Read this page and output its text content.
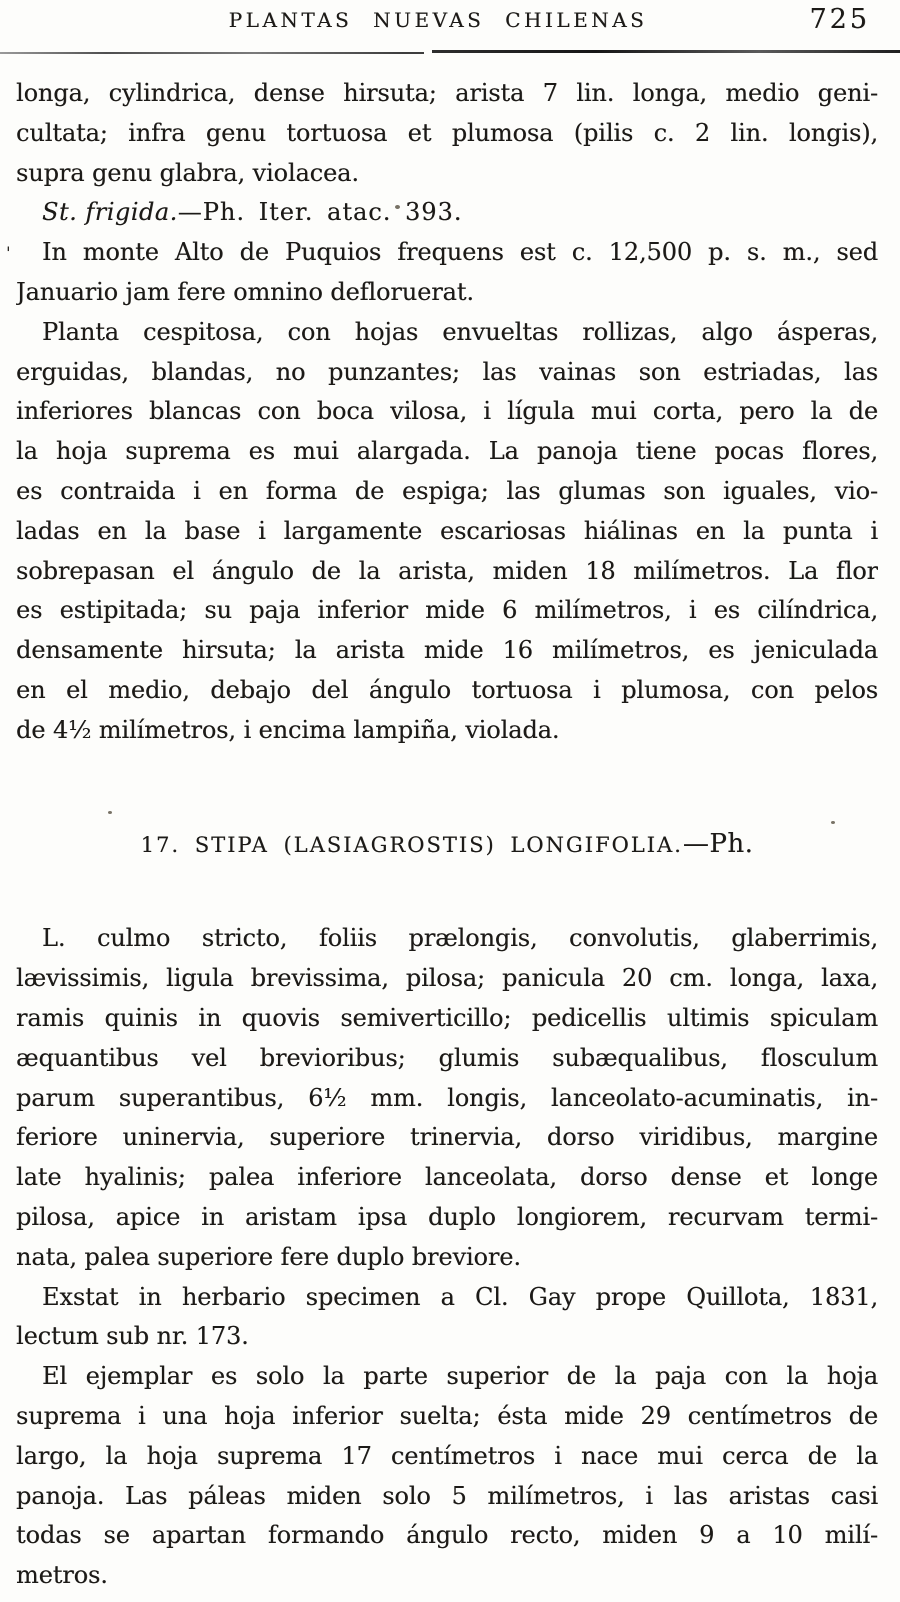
PLANTAS NUEVAS CHILENAS	725
'
longa, cylindrica, dense hirsuta; arista 7 lin. longa, medio geni-
cultata; infra genu tortuosa et plumosa (pilis c. 2 lin. longis),
supra genu glabra, violacea.
St. frigida.—Ph. Iter. atac. 393.
In monte Alto de Puquios frequens est c. 12,500 p. s. m., sed
Januario jam fere omnino defloruerat.
Planta cespitosa, con hojas envueltas rollizas, algo ásperas,
erguidas, blandas, no punzantes; las vainas son estriadas, las
inferiores blancas con boca vilosa, i lígula mui corta, pero la de
la hoja suprema es mui alargada. La panoja tiene pocas flores,
es contraida i en forma de espiga; las glumas son iguales, vio-
ladas en la base i largamente escariosas hiálinas en la punta i
sobrepasan el ángulo de la arista, miden 18 milímetros. La flor
es estipitada; su paja inferior mide 6 milímetros, i es cilíndrica,
densamente hirsuta; la arista mide 16 milímetros, es jeniculada
en el medio, debajo del ángulo tortuosa i plumosa, con pelos
de 4½ milímetros, i encima lampiña, violada.
17. STIPA (LASIAGROSTIS) LONGIFOLIA.—Ph.
L. culmo stricto, foliis prælongis, convolutis, glaberrimis,
lævissimis, ligula brevissima, pilosa; panicula 20 cm. longa, laxa,
ramis quinis in quovis semiverticillo; pedicellis ultimis spiculam
æquantibus vel brevioribus; glumis subæqualibus, flosculum
parum superantibus, 6½ mm. longis, lanceolato-acuminatis, in-
feriore uninervia, superiore trinervia, dorso viridibus, margine
late hyalinis; palea inferiore lanceolata, dorso dense et longe
pilosa, apice in aristam ipsa duplo longiorem, recurvam termi-
nata, palea superiore fere duplo breviore.
Exstat in herbario specimen a Cl. Gay prope Quillota, 1831,
lectum sub nr. 173.
El ejemplar es solo la parte superior de la paja con la hoja
suprema i una hoja inferior suelta; ésta mide 29 centímetros de
largo, la hoja suprema 17 centímetros i nace mui cerca de la
panoja. Las páleas miden solo 5 milímetros, i las aristas casi
todas se apartan formando ángulo recto, miden 9 a 10 milí-
metros.
